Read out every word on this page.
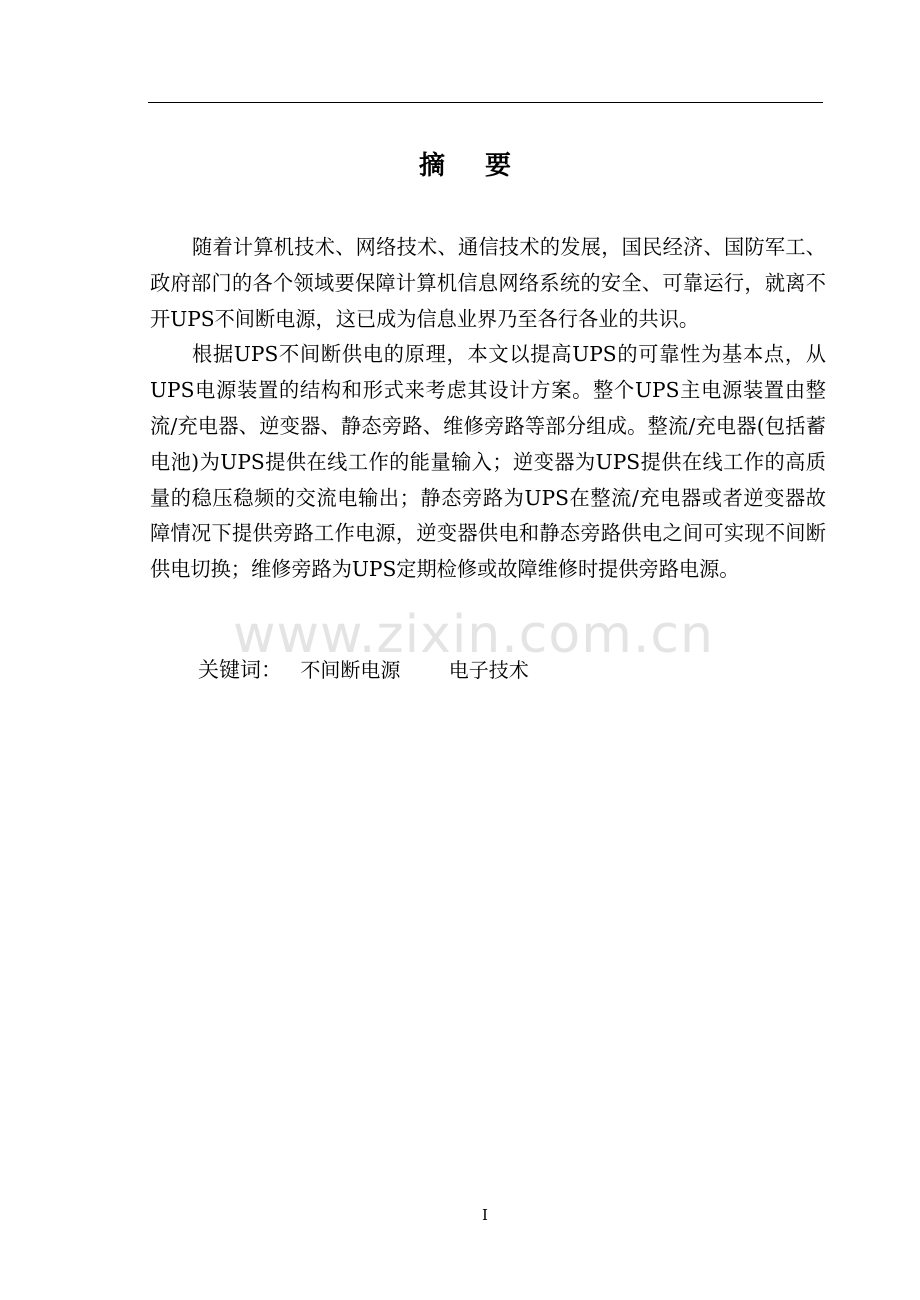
摘要

随着计算机技术、网络技术、通信技术的发展，国民经济、国防军工、政府部门的各个领域要保障计算机信息网络系统的安全、可靠运行，就离不开UPS不间断电源，这已成为信息业界乃至各行各业的共识。

根据UPS不间断供电的原理，本文以提高UPS的可靠性为基本点，从UPS电源装置的结构和形式来考虑其设计方案。整个UPS主电源装置由整流/充电器、逆变器、静态旁路、维修旁路等部分组成。整流/充电器(包括蓄电池)为UPS提供在线工作的能量输入；逆变器为UPS提供在线工作的高质量的稳压稳频的交流电输出；静态旁路为UPS在整流/充电器或者逆变器故障情况下提供旁路工作电源，逆变器供电和静态旁路供电之间可实现不间断供电切换；维修旁路为UPS定期检修或故障维修时提供旁路电源。

www.zixin.com.cn
关键词： 不间断电源 电子技术
I
